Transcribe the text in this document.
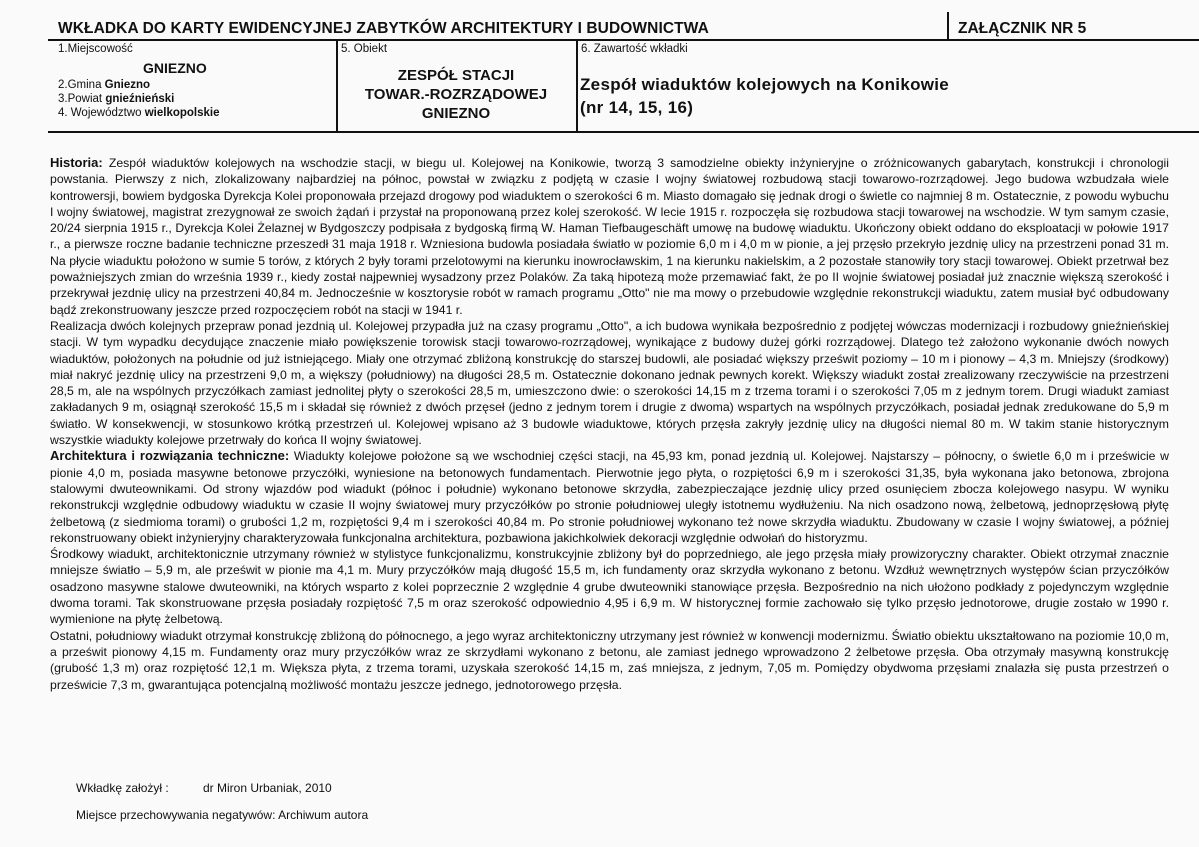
WKŁADKA DO KARTY EWIDENCYJNEJ ZABYTKÓW ARCHITEKTURY I BUDOWNICTWA	ZAŁĄCZNIK NR 5
1.Miejscowość
GNIEZNO
2.Gmina Gniezno
3.Powiat gnieźnieński
4. Województwo wielkopolskie
5. Obiekt
ZESPÓŁ STACJI
TOWAR.-ROZRZĄDOWEJ
GNIEZNO
6. Zawartość wkładki
Zespół wiaduktów kolejowych na Konikowie
(nr 14, 15, 16)

Historia: Zespół wiaduktów kolejowych na wschodzie stacji, w biegu ul. Kolejowej na Konikowie, tworzą 3 samodzielne obiekty inżynieryjne o zróżnicowanych gabarytach, konstrukcji i chronologii powstania. Pierwszy z nich, zlokalizowany najbardziej na północ, powstał w związku z podjętą w czasie I wojny światowej rozbudową stacji towarowo-rozrządowej. Jego budowa wzbudzała wiele kontrowersji, bowiem bydgoska Dyrekcja Kolei proponowała przejazd drogowy pod wiaduktem o szerokości 6 m. Miasto domagało się jednak drogi o świetle co najmniej 8 m. Ostatecznie, z powodu wybuchu I wojny światowej, magistrat zrezygnował ze swoich żądań i przystał na proponowaną przez kolej szerokość. W lecie 1915 r. rozpoczęła się rozbudowa stacji towarowej na wschodzie. W tym samym czasie, 20/24 sierpnia 1915 r., Dyrekcja Kolei Żelaznej w Bydgoszczy podpisała z bydgoską firmą W. Haman Tiefbaugeschäft umowę na budowę wiaduktu. Ukończony obiekt oddano do eksploatacji w połowie 1917 r., a pierwsze roczne badanie techniczne przeszedł 31 maja 1918 r. Wzniesiona budowla posiadała światło w poziomie 6,0 m i 4,0 m w pionie, a jej przęsło przekryło jezdnię ulicy na przestrzeni ponad 31 m. Na płycie wiaduktu położono w sumie 5 torów, z których 2 były torami przelotowymi na kierunku inowrocławskim, 1 na kierunku nakielskim, a 2 pozostałe stanowiły tory stacji towarowej. Obiekt przetrwał bez poważniejszych zmian do września 1939 r., kiedy został najpewniej wysadzony przez Polaków. Za taką hipotezą może przemawiać fakt, że po II wojnie światowej posiadał już znacznie większą szerokość i przekrywał jezdnię ulicy na przestrzeni 40,84 m. Jednocześnie w kosztorysie robót w ramach programu „Otto" nie ma mowy o przebudowie względnie rekonstrukcji wiaduktu, zatem musiał być odbudowany bądź zrekonstruowany jeszcze przed rozpoczęciem robót na stacji w 1941 r.

Realizacja dwóch kolejnych przepraw ponad jezdnią ul. Kolejowej przypadła już na czasy programu „Otto", a ich budowa wynikała bezpośrednio z podjętej wówczas modernizacji i rozbudowy gnieźnieńskiej stacji. W tym wypadku decydujące znaczenie miało powiększenie torowisk stacji towarowo-rozrządowej, wynikające z budowy dużej górki rozrządowej. Dlatego też założono wykonanie dwóch nowych wiaduktów, położonych na południe od już istniejącego. Miały one otrzymać zbliżoną konstrukcję do starszej budowli, ale posiadać większy prześwit poziomy – 10 m i pionowy – 4,3 m. Mniejszy (środkowy) miał nakryć jezdnię ulicy na przestrzeni 9,0 m, a większy (południowy) na długości 28,5 m. Ostatecznie dokonano jednak pewnych korekt. Większy wiadukt został zrealizowany rzeczywiście na przestrzeni 28,5 m, ale na wspólnych przyczółkach zamiast jednolitej płyty o szerokości 28,5 m, umieszczono dwie: o szerokości 14,15 m z trzema torami i o szerokości 7,05 m z jednym torem. Drugi wiadukt zamiast zakładanych 9 m, osiągnął szerokość 15,5 m i składał się również z dwóch przęseł (jedno z jednym torem i drugie z dwoma) wspartych na wspólnych przyczółkach, posiadał jednak zredukowane do 5,9 m światło. W konsekwencji, w stosunkowo krótką przestrzeń ul. Kolejowej wpisano aż 3 budowle wiaduktowe, których przęsła zakryły jezdnię ulicy na długości niemal 80 m. W takim stanie historycznym wszystkie wiadukty kolejowe przetrwały do końca II wojny światowej.

Architektura i rozwiązania techniczne: Wiadukty kolejowe położone są we wschodniej części stacji, na 45,93 km, ponad jezdnią ul. Kolejowej. Najstarszy – północny, o świetle 6,0 m i prześwicie w pionie 4,0 m, posiada masywne betonowe przyczółki, wyniesione na betonowych fundamentach. Pierwotnie jego płyta, o rozpiętości 6,9 m i szerokości 31,35, była wykonana jako betonowa, zbrojona stalowymi dwuteownikami. Od strony wjazdów pod wiadukt (północ i południe) wykonano betonowe skrzydła, zabezpieczające jezdnię ulicy przed osunięciem zbocza kolejowego nasypu. W wyniku rekonstrukcji względnie odbudowy wiaduktu w czasie II wojny światowej mury przyczółków po stronie południowej uległy istotnemu wydłużeniu. Na nich osadzono nową, żelbetową, jednoprzęsłową płytę żelbetową (z siedmioma torami) o grubości 1,2 m, rozpiętości 9,4 m i szerokości 40,84 m. Po stronie południowej wykonano też nowe skrzydła wiaduktu. Zbudowany w czasie I wojny światowej, a później rekonstruowany obiekt inżynieryjny charakteryzowała funkcjonalna architektura, pozbawiona jakichkolwiek dekoracji względnie odwołań do historyzmu.

Środkowy wiadukt, architektonicznie utrzymany również w stylistyce funkcjonalizmu, konstrukcyjnie zbliżony był do poprzedniego, ale jego przęsła miały prowizoryczny charakter. Obiekt otrzymał znacznie mniejsze światło – 5,9 m, ale prześwit w pionie ma 4,1 m. Mury przyczółków mają długość 15,5 m, ich fundamenty oraz skrzydła wykonano z betonu. Wzdłuż wewnętrznych występów ścian przyczółków osadzono masywne stalowe dwuteowniki, na których wsparto z kolei poprzecznie 2 względnie 4 grube dwuteowniki stanowiące przęsła. Bezpośrednio na nich ułożono podkłady z pojedynczym względnie dwoma torami. Tak skonstruowane przęsła posiadały rozpiętość 7,5 m oraz szerokość odpowiednio 4,95 i 6,9 m. W historycznej formie zachowało się tylko przęsło jednotorowe, drugie zostało w 1990 r. wymienione na płytę żelbetową.

Ostatni, południowy wiadukt otrzymał konstrukcję zbliżoną do północnego, a jego wyraz architektoniczny utrzymany jest również w konwencji modernizmu. Światło obiektu ukształtowano na poziomie 10,0 m, a prześwit pionowy 4,15 m. Fundamenty oraz mury przyczółków wraz ze skrzydłami wykonano z betonu, ale zamiast jednego wprowadzono 2 żelbetowe przęsła. Oba otrzymały masywną konstrukcję (grubość 1,3 m) oraz rozpiętość 12,1 m. Większa płyta, z trzema torami, uzyskała szerokość 14,15 m, zaś mniejsza, z jednym, 7,05 m. Pomiędzy obydwoma przęsłami znalazła się pusta przestrzeń o prześwicie 7,3 m, gwarantująca potencjalną możliwość montażu jeszcze jednego, jednotorowego przęsła.

Wkładkę założył :	dr Miron Urbaniak, 2010
Miejsce przechowywania negatywów: Archiwum autora
